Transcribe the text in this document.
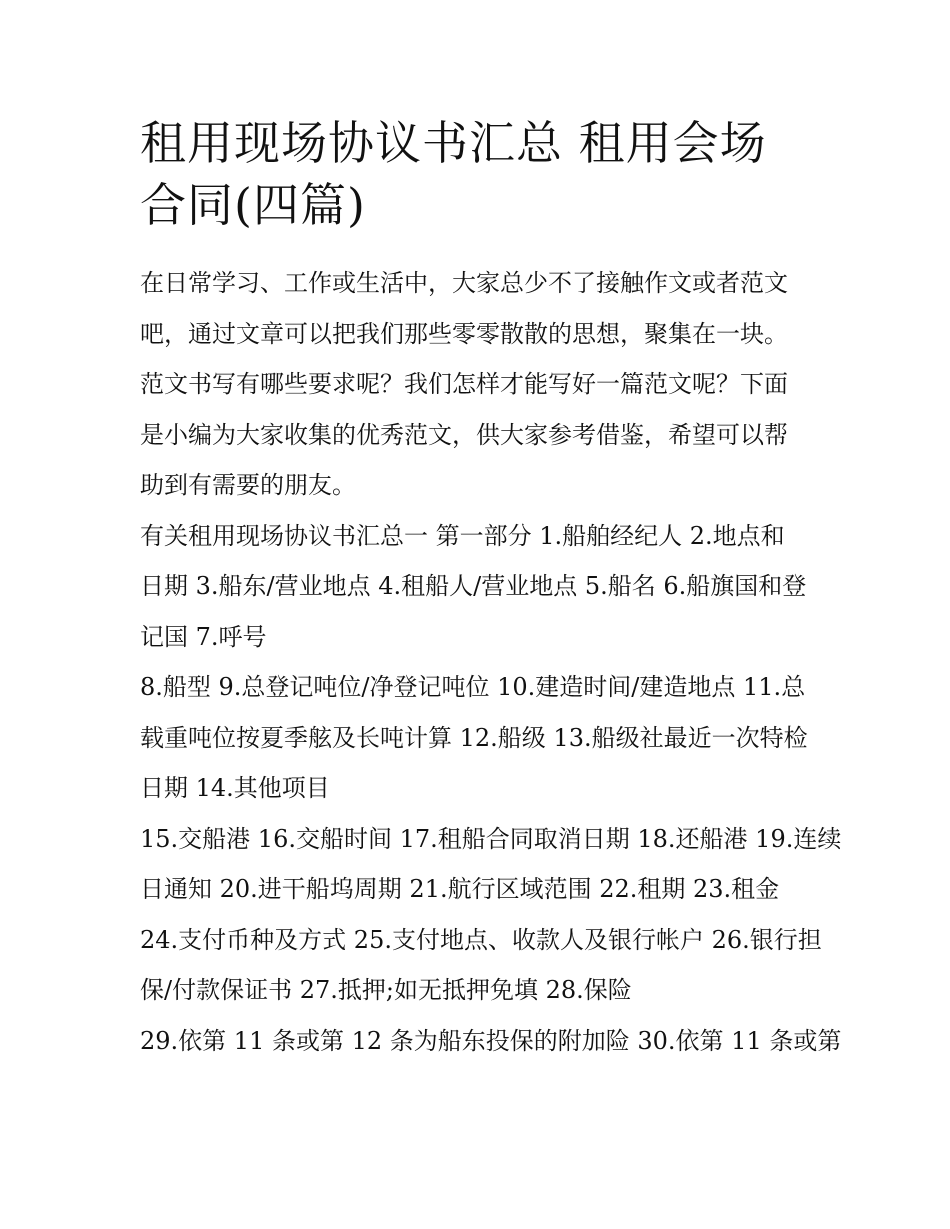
租用现场协议书汇总 租用会场
合同(四篇)

在日常学习、工作或生活中，大家总少不了接触作文或者范文
吧，通过文章可以把我们那些零零散散的思想，聚集在一块。
范文书写有哪些要求呢？我们怎样才能写好一篇范文呢？下面
是小编为大家收集的优秀范文，供大家参考借鉴，希望可以帮
助到有需要的朋友。

有关租用现场协议书汇总一 第一部分 1.船舶经纪人 2.地点和
日期 3.船东/营业地点 4.租船人/营业地点 5.船名 6.船旗国和登
记国 7.呼号

8.船型 9.总登记吨位/净登记吨位 10.建造时间/建造地点 11.总
载重吨位按夏季舷及长吨计算 12.船级 13.船级社最近一次特检
日期 14.其他项目

15.交船港 16.交船时间 17.租船合同取消日期 18.还船港 19.连续
日通知 20.进干船坞周期 21.航行区域范围 22.租期 23.租金

24.支付币种及方式 25.支付地点、收款人及银行帐户 26.银行担
保/付款保证书 27.抵押;如无抵押免填 28.保险

29.依第 11 条或第 12 条为船东投保的附加险 30.依第 11 条或第
